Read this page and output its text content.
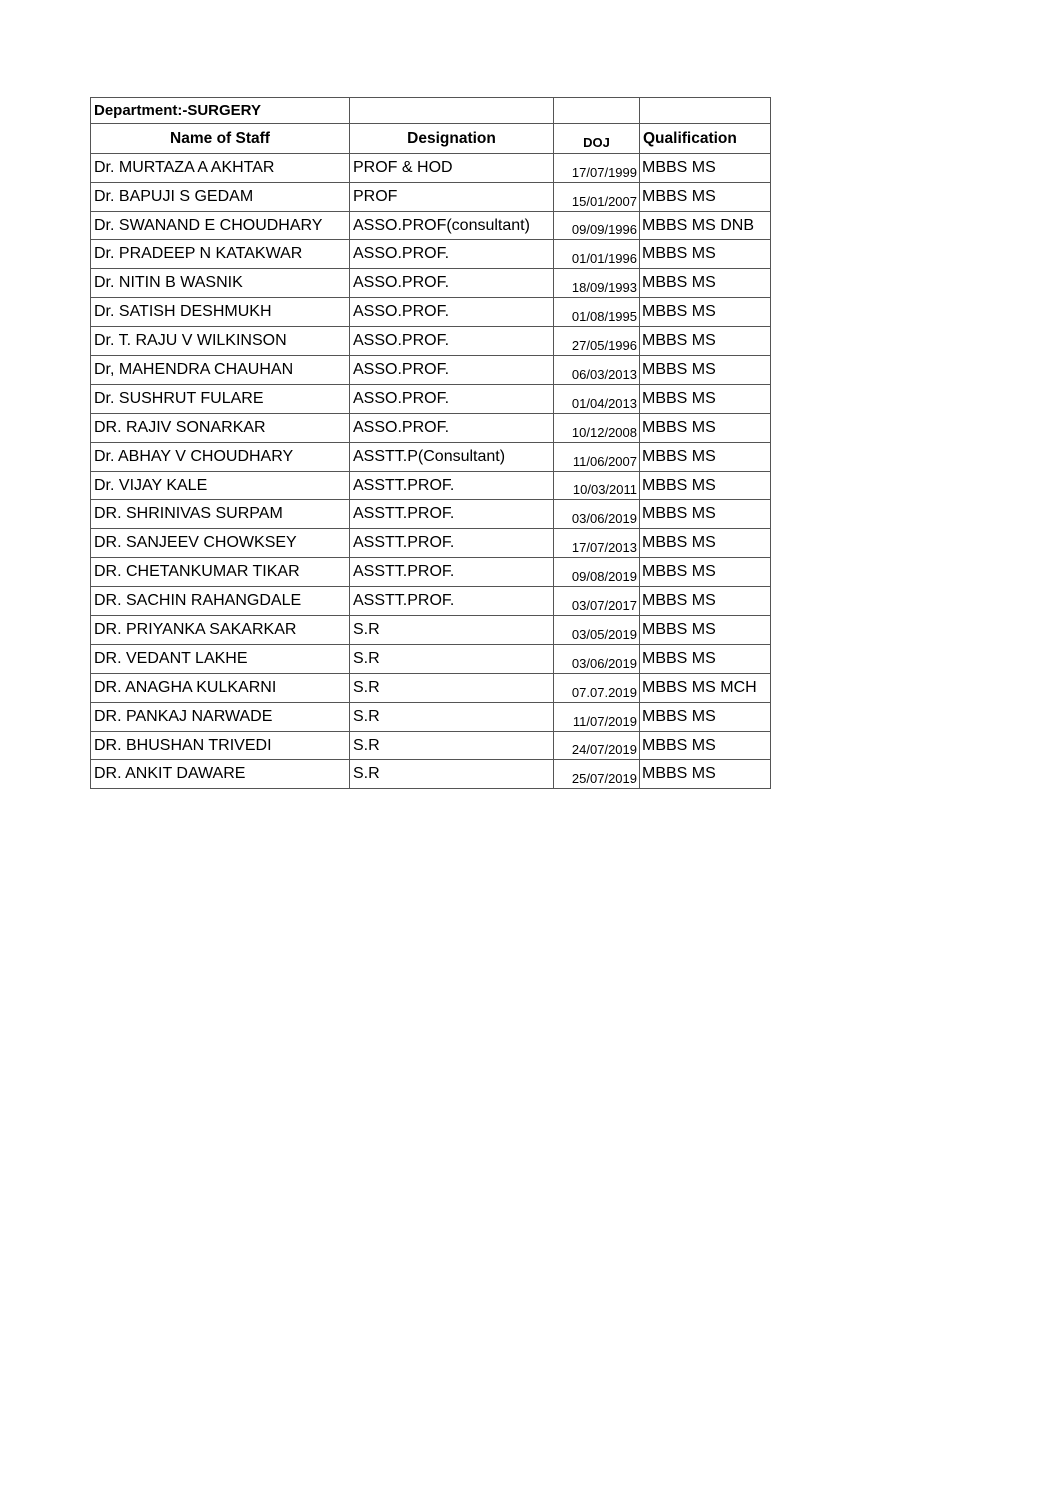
Department:-SURGERY			
Name of Staff	Designation	DOJ	Qualification
Dr. MURTAZA A AKHTAR	PROF & HOD	17/07/1999	MBBS MS
Dr. BAPUJI S GEDAM	PROF	15/01/2007	MBBS MS
Dr. SWANAND E CHOUDHARY	ASSO.PROF(consultant)	09/09/1996	MBBS MS DNB
Dr. PRADEEP N KATAKWAR	ASSO.PROF.	01/01/1996	MBBS MS
Dr. NITIN B WASNIK	ASSO.PROF.	18/09/1993	MBBS MS
Dr. SATISH DESHMUKH	ASSO.PROF.	01/08/1995	MBBS MS
Dr. T. RAJU V WILKINSON	ASSO.PROF.	27/05/1996	MBBS MS
Dr, MAHENDRA CHAUHAN	ASSO.PROF.	06/03/2013	MBBS MS
Dr. SUSHRUT FULARE	ASSO.PROF.	01/04/2013	MBBS MS
DR. RAJIV SONARKAR	ASSO.PROF.	10/12/2008	MBBS MS
Dr. ABHAY V CHOUDHARY	ASSTT.P(Consultant)	11/06/2007	MBBS MS
Dr. VIJAY KALE	ASSTT.PROF.	10/03/2011	MBBS MS
DR. SHRINIVAS SURPAM	ASSTT.PROF.	03/06/2019	MBBS MS
DR. SANJEEV CHOWKSEY	ASSTT.PROF.	17/07/2013	MBBS MS
DR. CHETANKUMAR TIKAR	ASSTT.PROF.	09/08/2019	MBBS MS
DR. SACHIN RAHANGDALE	ASSTT.PROF.	03/07/2017	MBBS MS
DR. PRIYANKA SAKARKAR	S.R	03/05/2019	MBBS MS
DR. VEDANT LAKHE	S.R	03/06/2019	MBBS MS
DR. ANAGHA KULKARNI	S.R	07.07.2019	MBBS MS MCH
DR. PANKAJ NARWADE	S.R	11/07/2019	MBBS MS
DR. BHUSHAN TRIVEDI	S.R	24/07/2019	MBBS MS
DR. ANKIT DAWARE	S.R	25/07/2019	MBBS MS
